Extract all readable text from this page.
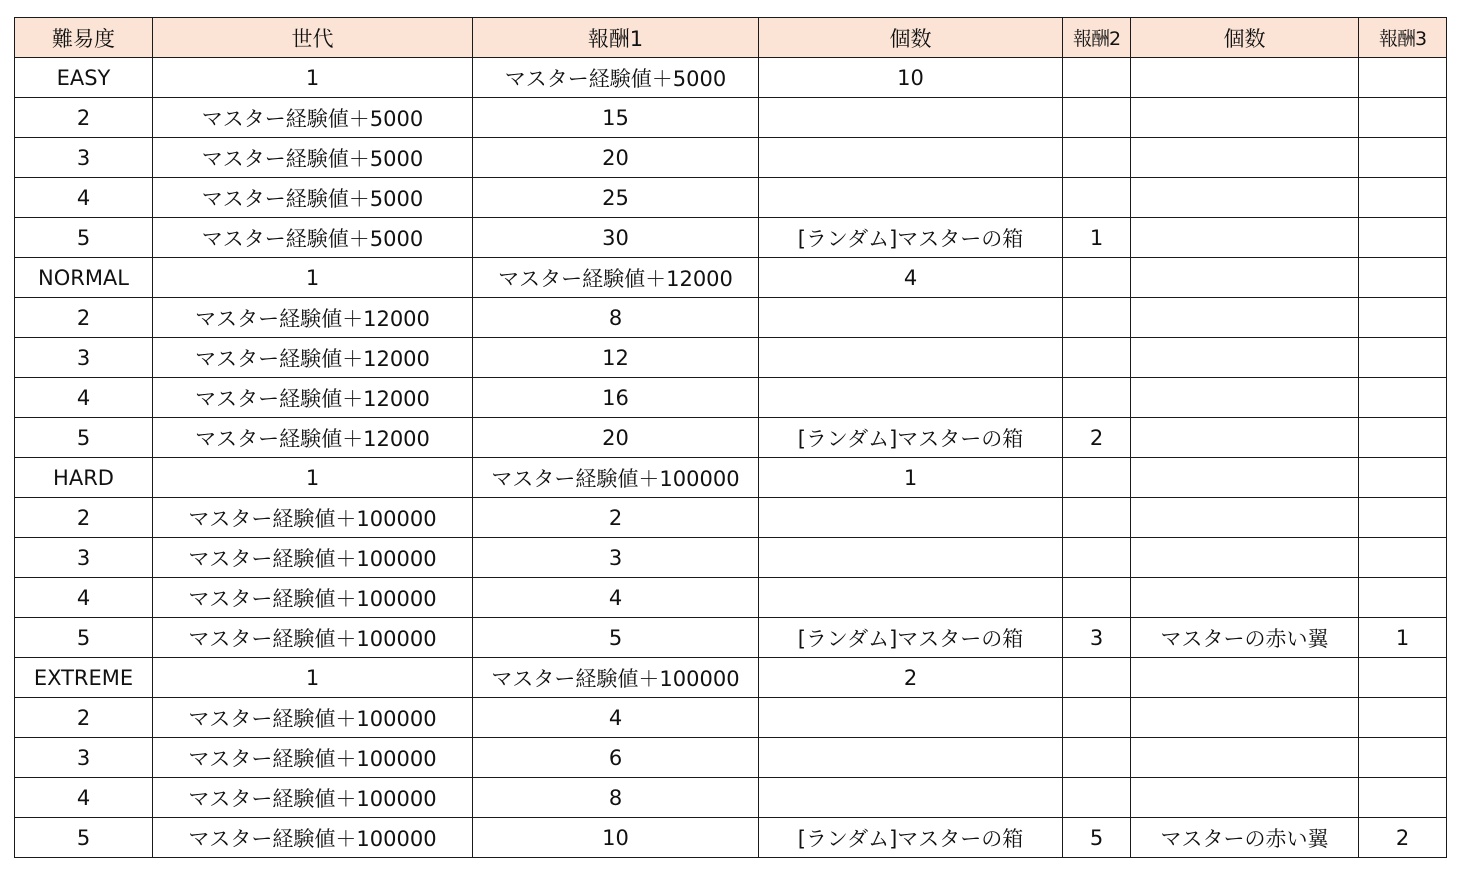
難易度	世代	報酬1	個数	報酬2	個数	報酬3
EASY	1	マスター経験値＋5000	10			
2	マスター経験値＋5000	15				
3	マスター経験値＋5000	20				
4	マスター経験値＋5000	25				
5	マスター経験値＋5000	30	[ランダム]マスターの箱	1		
NORMAL	1	マスター経験値＋12000	4			
2	マスター経験値＋12000	8				
3	マスター経験値＋12000	12				
4	マスター経験値＋12000	16				
5	マスター経験値＋12000	20	[ランダム]マスターの箱	2		
HARD	1	マスター経験値＋100000	1			
2	マスター経験値＋100000	2				
3	マスター経験値＋100000	3				
4	マスター経験値＋100000	4				
5	マスター経験値＋100000	5	[ランダム]マスターの箱	3	マスターの赤い翼	1
EXTREME	1	マスター経験値＋100000	2			
2	マスター経験値＋100000	4				
3	マスター経験値＋100000	6				
4	マスター経験値＋100000	8				
5	マスター経験値＋100000	10	[ランダム]マスターの箱	5	マスターの赤い翼	2
